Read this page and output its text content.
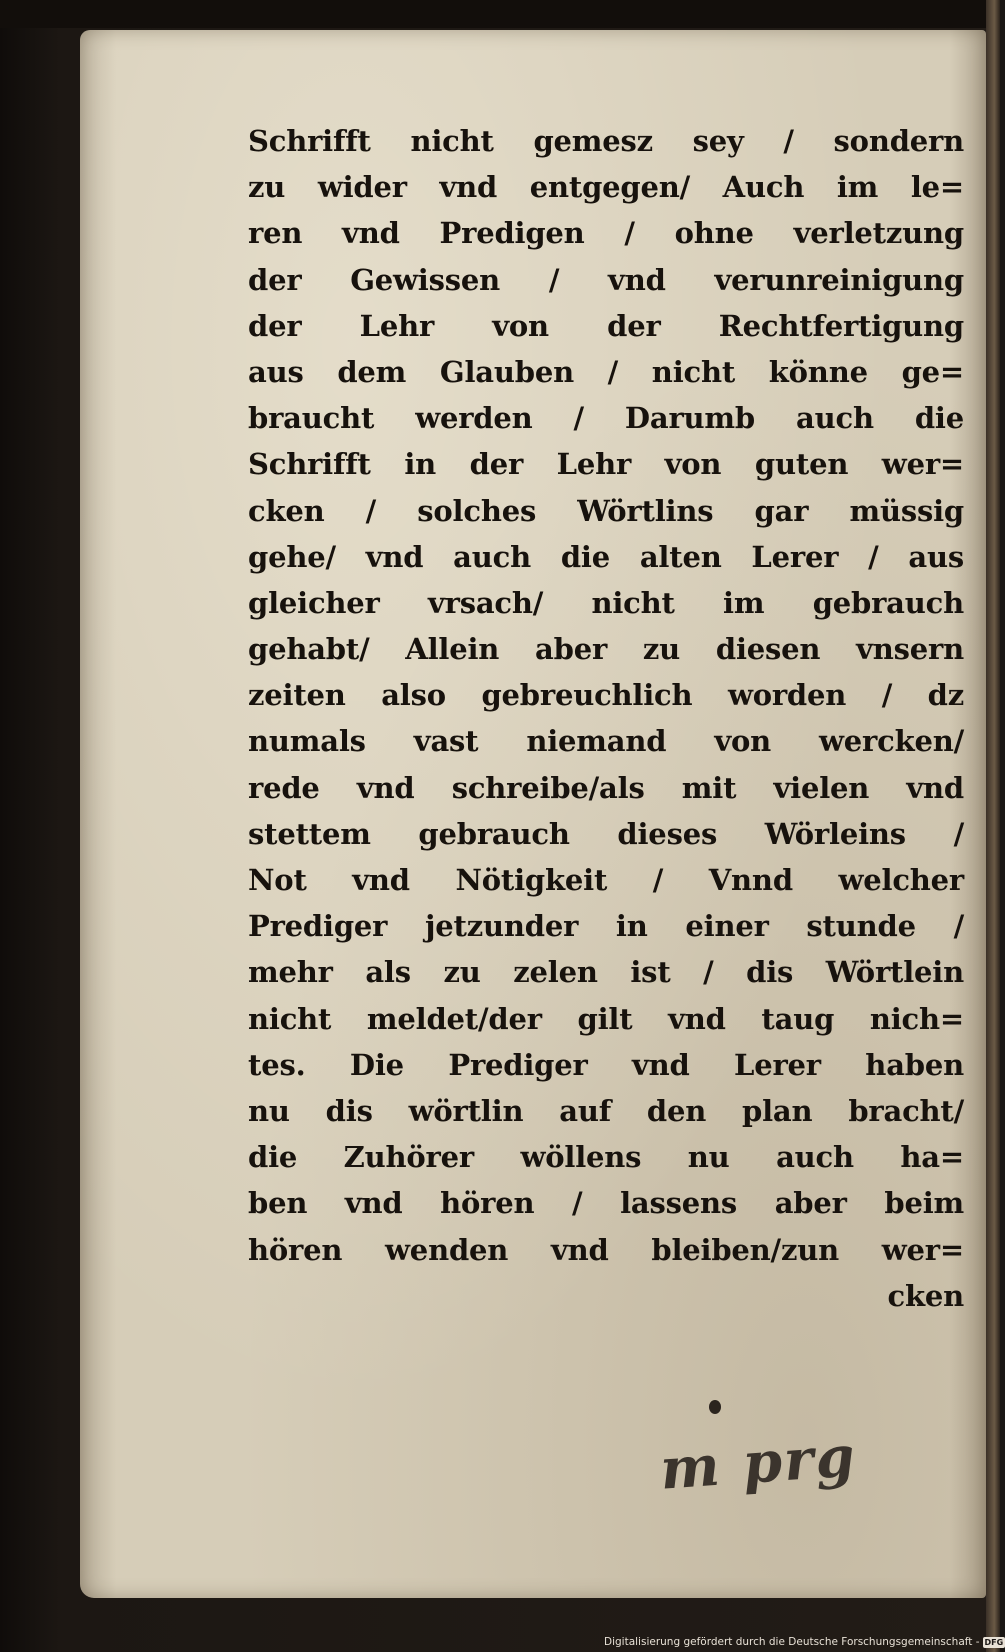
Schrifft nicht gemesz sey / sondern
zu wider vnd entgegen/ Auch im le=
ren vnd Predigen / ohne verletzung
der Gewissen / vnd verunreinigung
der Lehr von der Rechtfertigung
aus dem Glauben / nicht könne ge=
braucht werden / Darumb auch die
Schrifft in der Lehr von guten wer=
cken / solches Wörtlins gar müssig
gehe/ vnd auch die alten Lerer / aus
gleicher vrsach/ nicht im gebrauch
gehabt/ Allein aber zu diesen vnsern
zeiten also gebreuchlich worden / dz
numals vast niemand von wercken/
rede vnd schreibe/als mit vielen vnd
stettem gebrauch dieses Wörleins /
Not vnd Nötigkeit / Vnnd welcher
Prediger jetzunder in einer stunde /
mehr als zu zelen ist / dis Wörtlein
nicht meldet/der gilt vnd taug nich=
tes. Die Prediger vnd Lerer haben
nu dis wörtlin auf den plan bracht/
die Zuhörer wöllens nu auch ha=
ben vnd hören / lassens aber beim
hören wenden vnd bleiben/zun wer=
cken
m prg
Digitalisierung gefördert durch die Deutsche Forschungsgemeinschaft - DFG
